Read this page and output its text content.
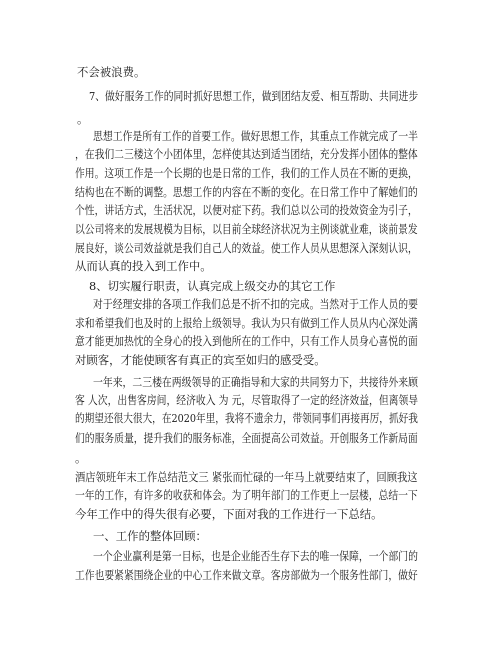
不会被浪费。
7、做好服务工作的同时抓好思想工作，做到团结友爱、相互帮助、共同进步
。
思想工作是所有工作的首要工作。做好思想工作，其重点工作就完成了一半
，在我们二三楼这个小团体里，怎样使其达到适当团结，充分发挥小团体的整体
作用。这项工作是一个长期的也是日常的工作，我们的工作人员在不断的更换，
结构也在不断的调整。思想工作的内容在不断的变化。在日常工作中了解她们的
个性，讲话方式，生活状况，以便对症下药。我们总以公司的投效资金为引子，
以公司将来的发展规模为目标，以目前全球经济状况为主例谈就业难，谈前景发
展良好，谈公司效益就是我们自己人的效益。使工作人员从思想深入深刻认识，
从而认真的投入到工作中。
8、切实履行职责，认真完成上级交办的其它工作
对于经理安排的各项工作我们总是不折不扣的完成。当然对于工作人员的要
求和希望我们也及时的上报给上级领导。我认为只有做到工作人员从内心深处满
意才能更加热忱的全身心的投入到他所在的工作中，只有工作人员身心喜悦的面
对顾客，才能使顾客有真正的宾至如归的感受受。
一年来，二三楼在两级领导的正确指导和大家的共同努力下，共接待外来顾
客 人次，出售客房间，经济收入 为 元，尽管取得了一定的经济效益，但离领导
的期望还很大很大，在2020年里，我将不遗余力，带领同事们再接再厉，抓好我
们的服务质量，提升我们的服务标准，全面提高公司效益。开创服务工作新局面
。
酒店领班年末工作总结范文三 紧张而忙碌的一年马上就要结束了，回顾我这
一年的工作，有许多的收获和体会。为了明年部门的工作更上一层楼，总结一下
今年工作中的得失很有必要，下面对我的工作进行一下总结。
一、工作的整体回顾：
一个企业赢利是第一目标，也是企业能否生存下去的唯一保障，一个部门的
工作也要紧紧围绕企业的中心工作来做文章。客房部做为一个服务性部门，做好
